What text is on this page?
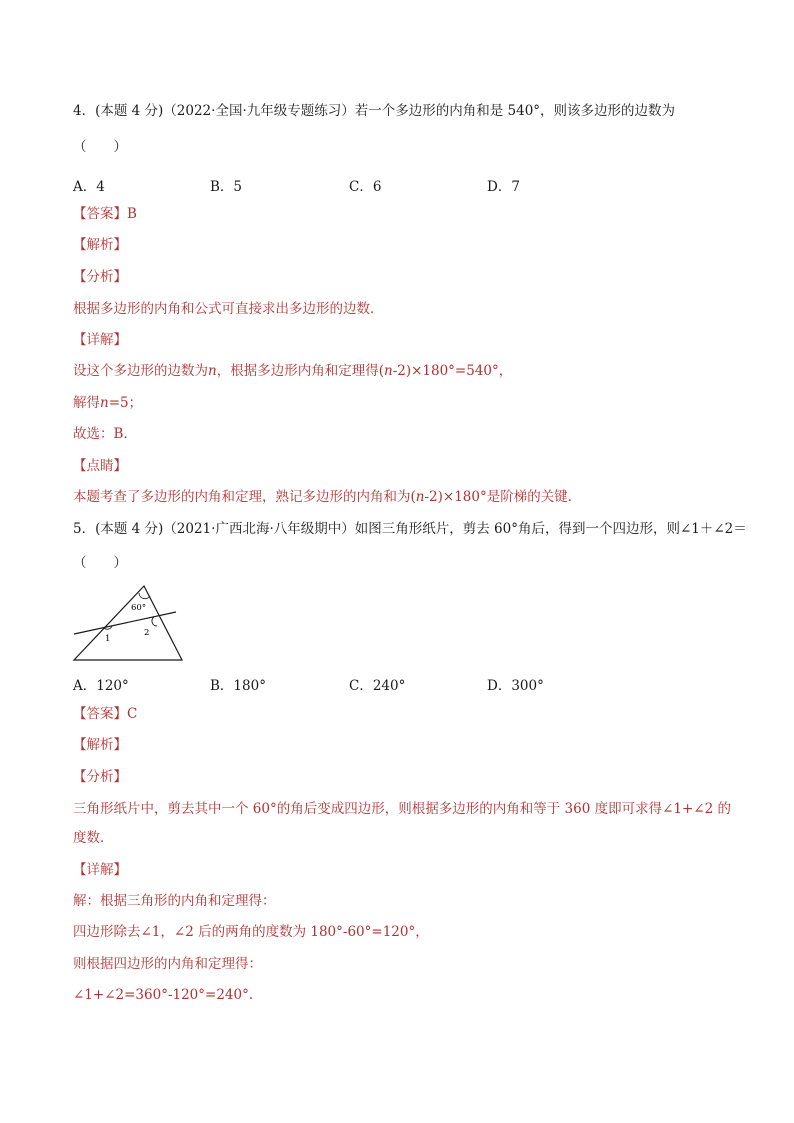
4．(本题 4 分)（2022·全国·九年级专题练习）若一个多边形的内角和是 540°，则该多边形的边数为
（　　）
A．4	B．5	C．6	D．7
【答案】B
【解析】
【分析】
根据多边形的内角和公式可直接求出多边形的边数．
【详解】
设这个多边形的边数为n，根据多边形内角和定理得(n-2)×180°=540°，
解得n=5；
故选：B．
【点睛】
本题考查了多边形的内角和定理，熟记多边形的内角和为(n-2)×180°是阶梯的关键．
5．(本题 4 分)（2021·广西北海·八年级期中）如图三角形纸片，剪去 60°角后，得到一个四边形，则∠1＋∠2＝
（　　）
60°
1
2
A．120°	B．180°	C．240°	D．300°
【答案】C
【解析】
【分析】
三角形纸片中，剪去其中一个 60°的角后变成四边形，则根据多边形的内角和等于 360 度即可求得∠1+∠2 的
度数．
【详解】
解：根据三角形的内角和定理得：
四边形除去∠1，∠2 后的两角的度数为 180°-60°=120°，
则根据四边形的内角和定理得：
∠1+∠2=360°-120°=240°.
